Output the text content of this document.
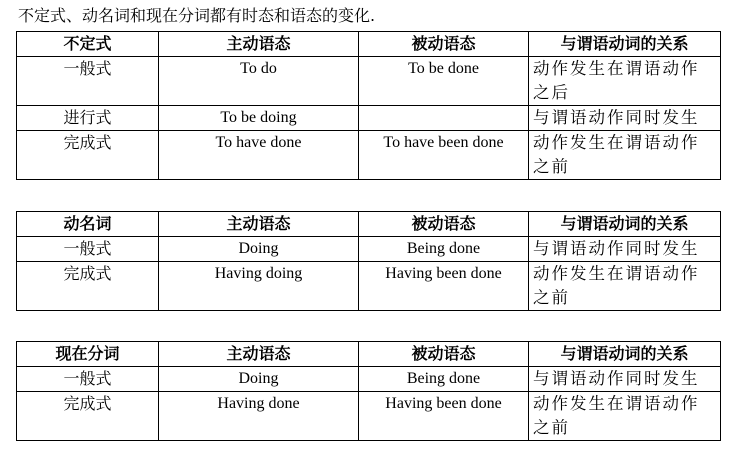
不定式、动名词和现在分词都有时态和语态的变化.
不定式	主动语态	被动语态	与谓语动词的关系
一般式	To do	To be done	动作发生在谓语动作之后
进行式	To be doing		与谓语动作同时发生
完成式	To have done	To have been done	动作发生在谓语动作之前
动名词	主动语态	被动语态	与谓语动词的关系
一般式	Doing	Being done	与谓语动作同时发生
完成式	Having doing	Having been done	动作发生在谓语动作之前
现在分词	主动语态	被动语态	与谓语动词的关系
一般式	Doing	Being done	与谓语动作同时发生
完成式	Having done	Having been done	动作发生在谓语动作之前
